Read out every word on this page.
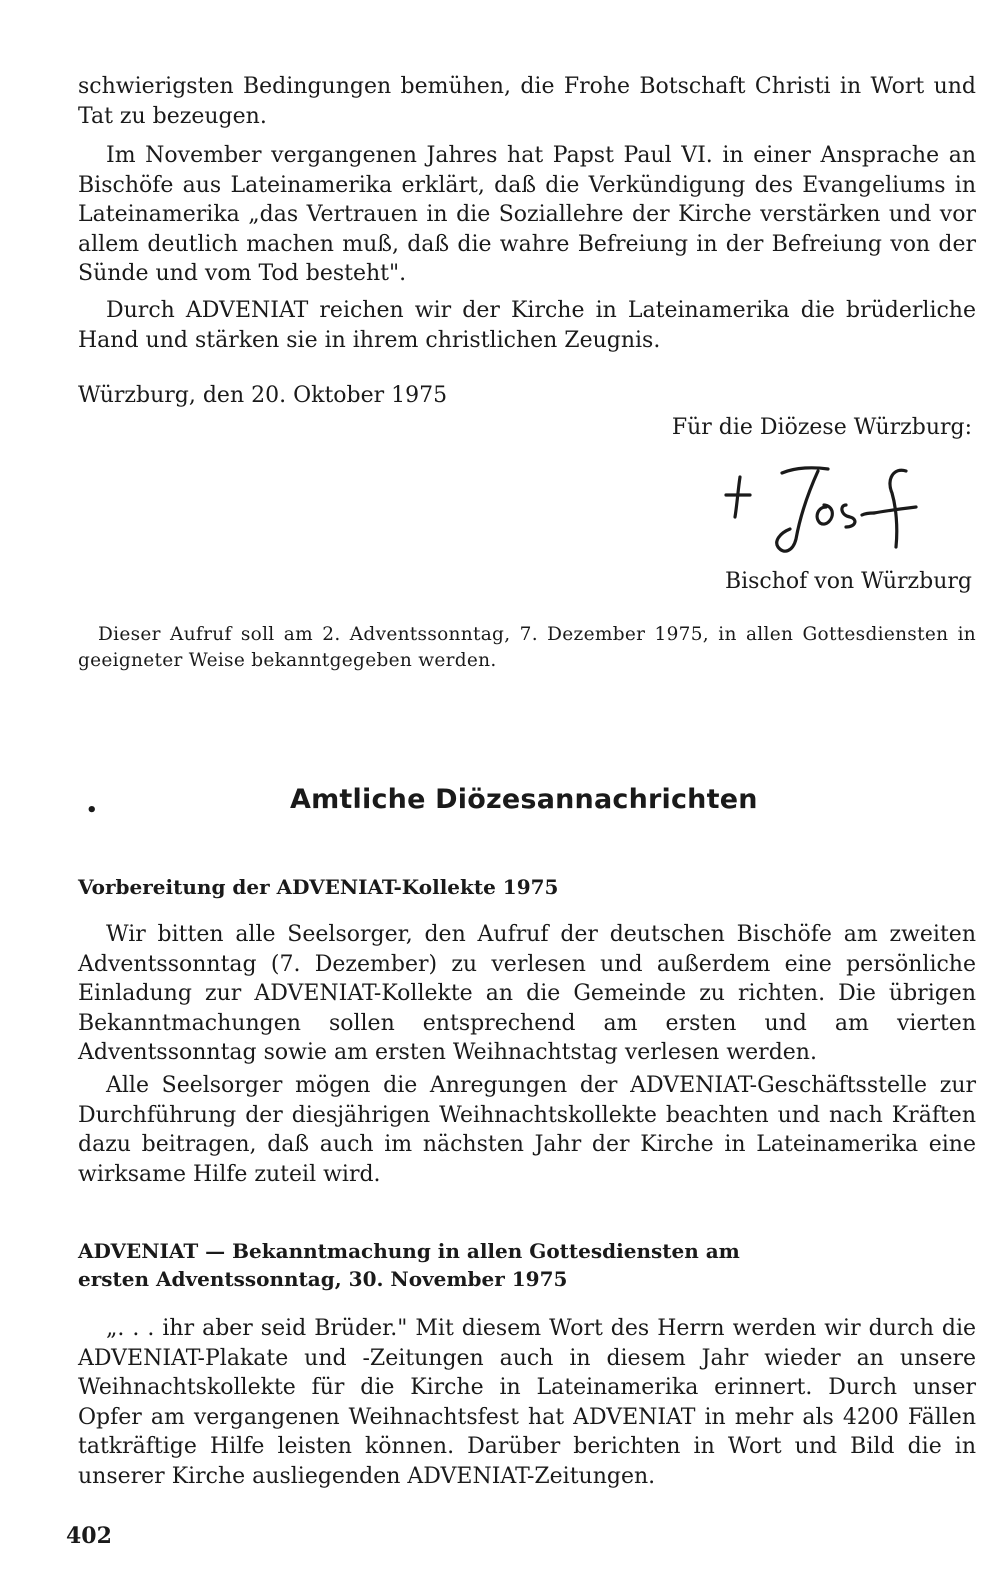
schwierigsten Bedingungen bemühen, die Frohe Botschaft Christi in Wort und Tat zu bezeugen.

Im November vergangenen Jahres hat Papst Paul VI. in einer Ansprache an Bischöfe aus Lateinamerika erklärt, daß die Verkündigung des Evangeliums in Lateinamerika „das Vertrauen in die Soziallehre der Kirche verstärken und vor allem deutlich machen muß, daß die wahre Befreiung in der Befreiung von der Sünde und vom Tod besteht".

Durch ADVENIAT reichen wir der Kirche in Lateinamerika die brüderliche Hand und stärken sie in ihrem christlichen Zeugnis.

Würzburg, den 20. Oktober 1975

Für die Diözese Würzburg:

Bischof von Würzburg

Dieser Aufruf soll am 2. Adventssonntag, 7. Dezember 1975, in allen Gottesdiensten in geeigneter Weise bekanntgegeben werden.

•	Amtliche Diözesannachrichten
Vorbereitung der ADVENIAT-Kollekte 1975

Wir bitten alle Seelsorger, den Aufruf der deutschen Bischöfe am zweiten Adventssonntag (7. Dezember) zu verlesen und außerdem eine persönliche Einladung zur ADVENIAT-Kollekte an die Gemeinde zu richten. Die übrigen Bekanntmachungen sollen entsprechend am ersten und am vierten Adventssonntag sowie am ersten Weihnachtstag verlesen werden.

Alle Seelsorger mögen die Anregungen der ADVENIAT-Geschäftsstelle zur Durchführung der diesjährigen Weihnachtskollekte beachten und nach Kräften dazu beitragen, daß auch im nächsten Jahr der Kirche in Lateinamerika eine wirksame Hilfe zuteil wird.

ADVENIAT — Bekanntmachung in allen Gottesdiensten am
ersten Adventssonntag, 30. November 1975

„. . . ihr aber seid Brüder." Mit diesem Wort des Herrn werden wir durch die ADVENIAT-Plakate und -Zeitungen auch in diesem Jahr wieder an unsere Weihnachtskollekte für die Kirche in Lateinamerika erinnert. Durch unser Opfer am vergangenen Weihnachtsfest hat ADVENIAT in mehr als 4200 Fällen tatkräftige Hilfe leisten können. Darüber berichten in Wort und Bild die in unserer Kirche ausliegenden ADVENIAT-Zeitungen.

402
